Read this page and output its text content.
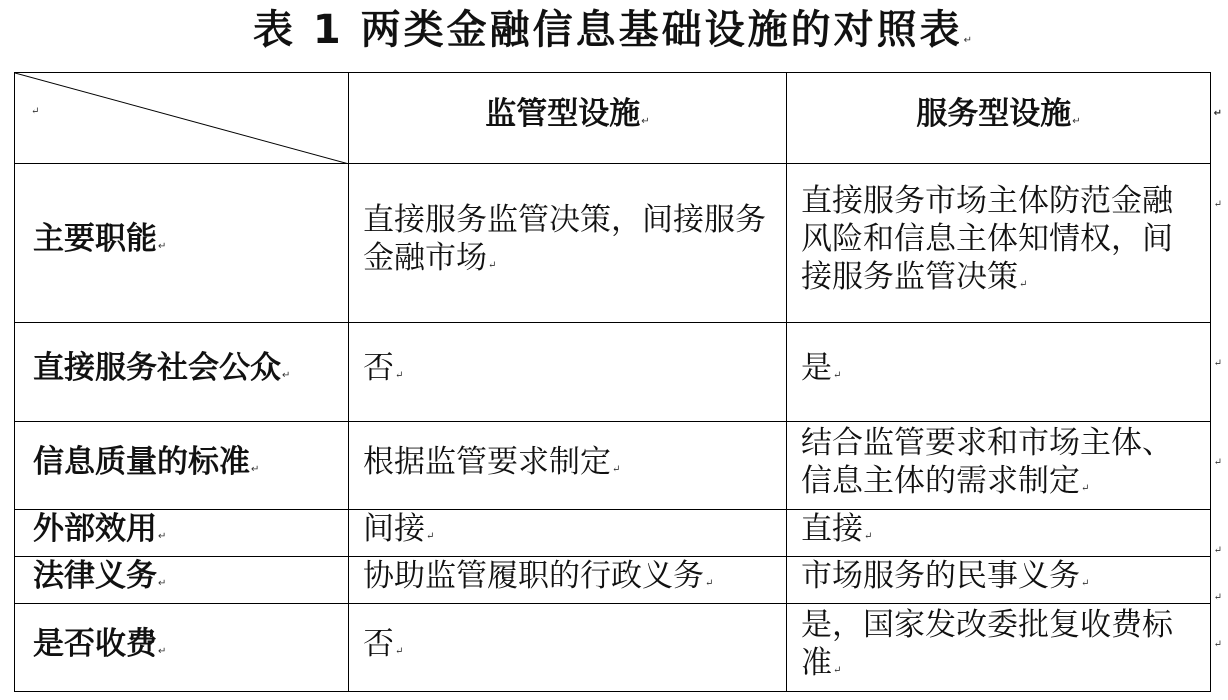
表 1 两类金融信息基础设施的对照表↵
↵	监管型设施↵	服务型设施↵
↵

主要职能↵	直接服务监管决策，间接服务金融市场↵	直接服务市场主体防范金融风险和信息主体知情权，间接服务监管决策↵
↵

直接服务社会公众↵	否↵	是↵
↵

信息质量的标准↵	根据监管要求制定↵	结合监管要求和市场主体、信息主体的需求制定↵
↵

外部效用↵	间接↵	直接↵
↵

法律义务↵	协助监管履职的行政义务↵	市场服务的民事义务↵
↵

是否收费↵	否↵	是，国家发改委批复收费标准↵
↵
